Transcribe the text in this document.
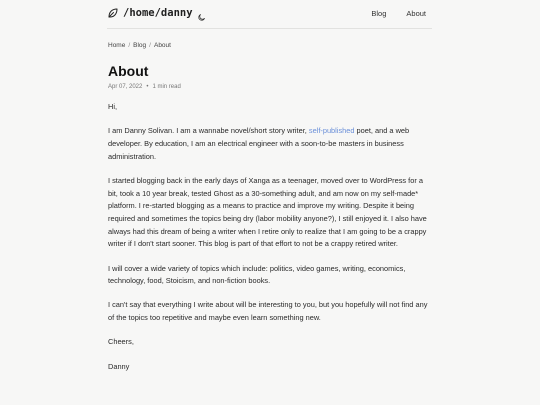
/home/danny	Blog	About
Home / Blog / About
About
Apr 07, 2022 • 1 min read

Hi,

I am Danny Solivan. I am a wannabe novel/short story writer, self-published poet, and a web developer. By education, I am an electrical engineer with a soon-to-be masters in business administration.

I started blogging back in the early days of Xanga as a teenager, moved over to WordPress for a bit, took a 10 year break, tested Ghost as a 30-something adult, and am now on my self-made* platform. I re-started blogging as a means to practice and improve my writing. Despite it being required and sometimes the topics being dry (labor mobility anyone?), I still enjoyed it. I also have always had this dream of being a writer when I retire only to realize that I am going to be a crappy writer if I don't start sooner. This blog is part of that effort to not be a crappy retired writer.

I will cover a wide variety of topics which include: politics, video games, writing, economics, technology, food, Stoicism, and non-fiction books.

I can't say that everything I write about will be interesting to you, but you hopefully will not find any of the topics too repetitive and maybe even learn something new.

Cheers,

Danny
